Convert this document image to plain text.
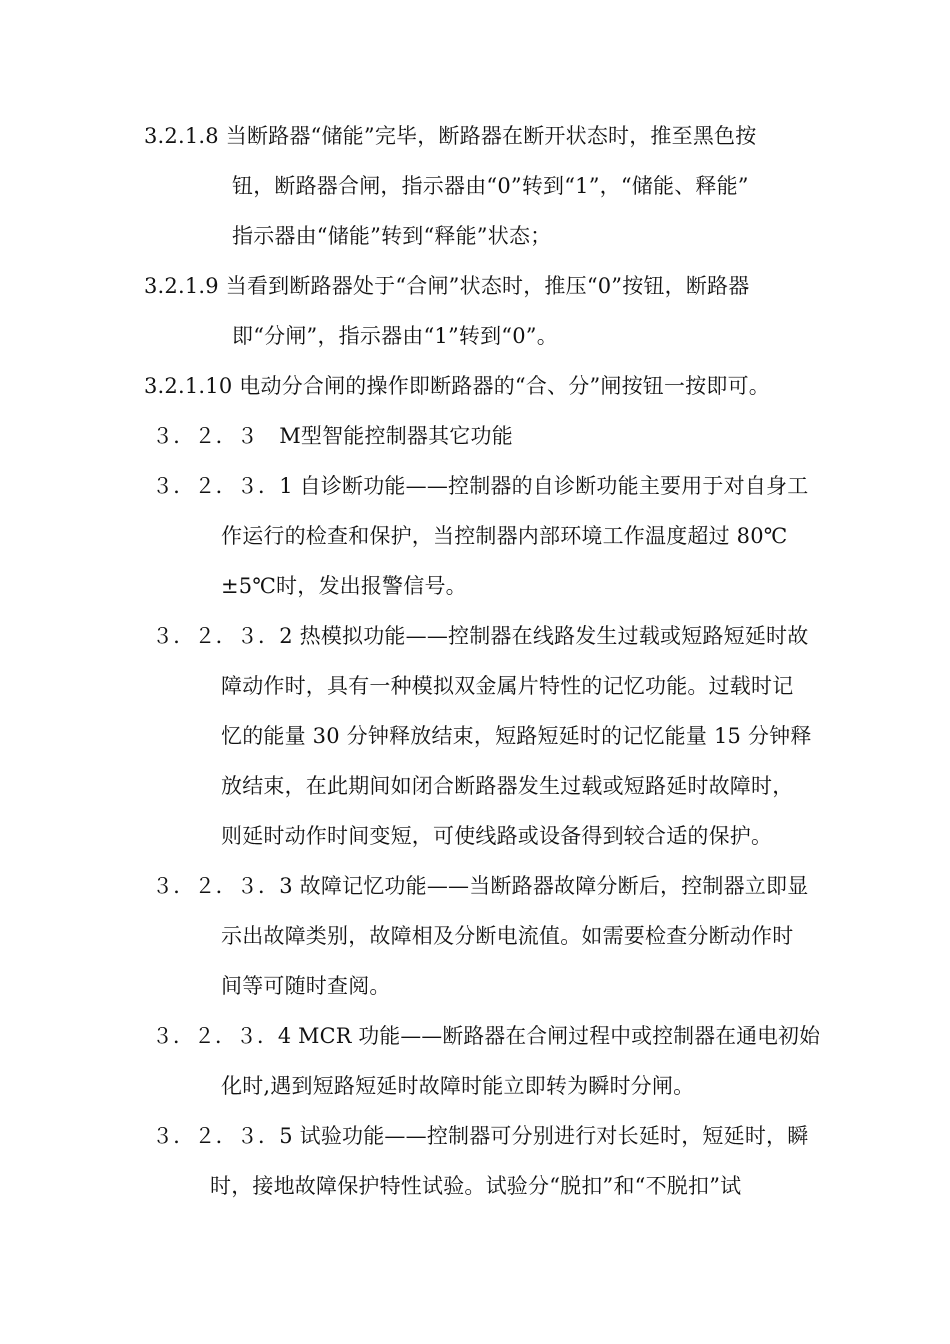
3.2.1.8 当断路器“储能”完毕，断路器在断开状态时，推至黑色按
钮，断路器合闸，指示器由“0”转到“1”，“储能、释能”
指示器由“储能”转到“释能”状态；
3.2.1.9 当看到断路器处于“合闸”状态时，推压“0”按钮，断路器
即“分闸”，指示器由“1”转到“0”。
3.2.1.10 电动分合闸的操作即断路器的“合、分”闸按钮一按即可。
３．２．３　M型智能控制器其它功能
３．２．３．1 自诊断功能——控制器的自诊断功能主要用于对自身工
作运行的检查和保护，当控制器内部环境工作温度超过 80℃
±5℃时，发出报警信号。
３．２．３．2 热模拟功能——控制器在线路发生过载或短路短延时故
障动作时，具有一种模拟双金属片特性的记忆功能。过载时记
忆的能量 30 分钟释放结束，短路短延时的记忆能量 15 分钟释
放结束，在此期间如闭合断路器发生过载或短路延时故障时，
则延时动作时间变短，可使线路或设备得到较合适的保护。
３．２．３．3 故障记忆功能——当断路器故障分断后，控制器立即显
示出故障类别，故障相及分断电流值。如需要检查分断动作时
间等可随时查阅。
３．２．３．4 MCR 功能——断路器在合闸过程中或控制器在通电初始
化时,遇到短路短延时故障时能立即转为瞬时分闸。
３．２．３．5 试验功能——控制器可分别进行对长延时，短延时，瞬
时，接地故障保护特性试验。试验分“脱扣”和“不脱扣”试
